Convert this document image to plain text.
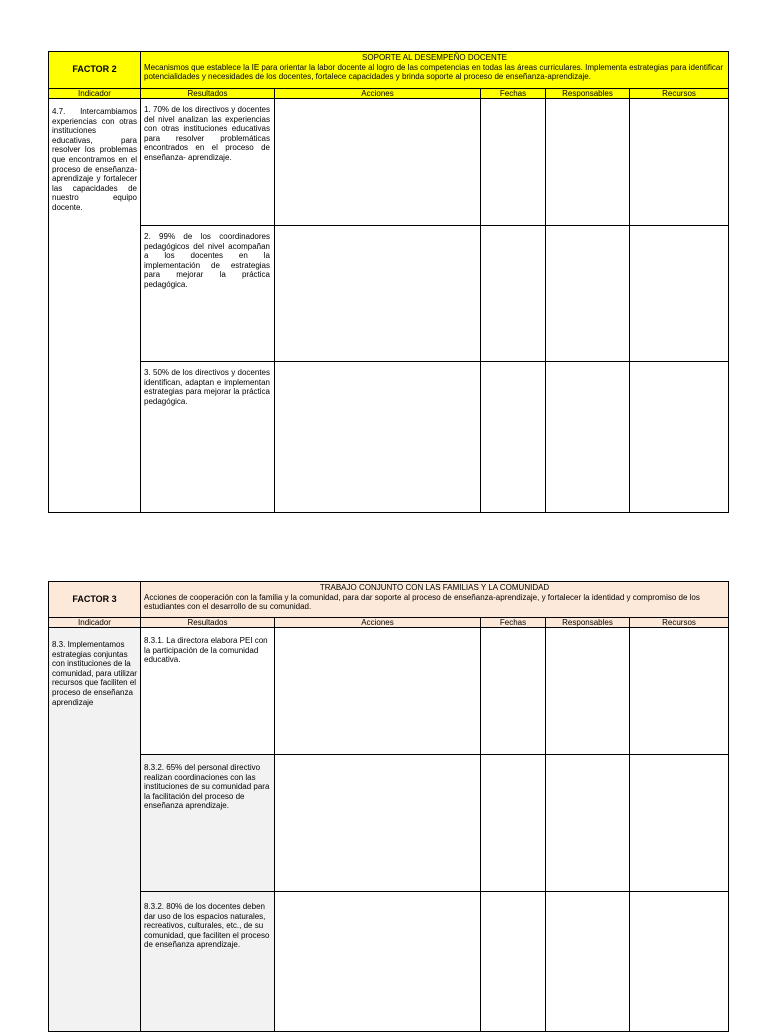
FACTOR 2	SOPORTE AL DESEMPEÑO DOCENTE
Mecanismos que establece la IE para orientar la labor docente al logro de las competencias en todas las áreas curriculares. Implementa estrategias para identificar potencialidades y necesidades de los docentes, fortalece capacidades y brinda soporte al proceso de enseñanza-aprendizaje.				
Indicador	Resultados	Acciones	Fechas	Responsables	Recursos
4.7. Intercambiamos experiencias con otras instituciones educativas, para resolver los problemas que encontramos en el proceso de enseñanza-aprendizaje y fortalecer las capacidades de nuestro equipo docente.	1. 70% de los directivos y docentes del nivel analizan las experiencias con otras instituciones educativas para resolver problemáticas encontrados en el proceso de enseñanza- aprendizaje.				
	2. 99% de los coordinadores pedagógicos del nivel acompañan a los docentes en la implementación de estrategias para mejorar la práctica pedagógica.				
	3. 50% de los directivos y docentes identifican, adaptan e implementan estrategias para mejorar la práctica pedagógica.				
FACTOR 3	TRABAJO CONJUNTO CON LAS FAMILIAS Y LA COMUNIDAD
Acciones de cooperación con la familia y la comunidad, para dar soporte al proceso de enseñanza-aprendizaje, y fortalecer la identidad y compromiso de los estudiantes con el desarrollo de su comunidad.				
Indicador	Resultados	Acciones	Fechas	Responsables	Recursos
8.3. Implementamos estrategias conjuntas con instituciones de la comunidad, para utilizar recursos que faciliten el proceso de enseñanza aprendizaje	8.3.1. La directora elabora PEI con la participación de la comunidad educativa.				
	8.3.2. 65% del personal directivo realizan coordinaciones con las instituciones de su comunidad para la facilitación del proceso de enseñanza aprendizaje.				
	8.3.2. 80% de los docentes deben dar uso de los espacios naturales, recreativos, culturales, etc., de su comunidad, que faciliten el proceso de enseñanza aprendizaje.				
